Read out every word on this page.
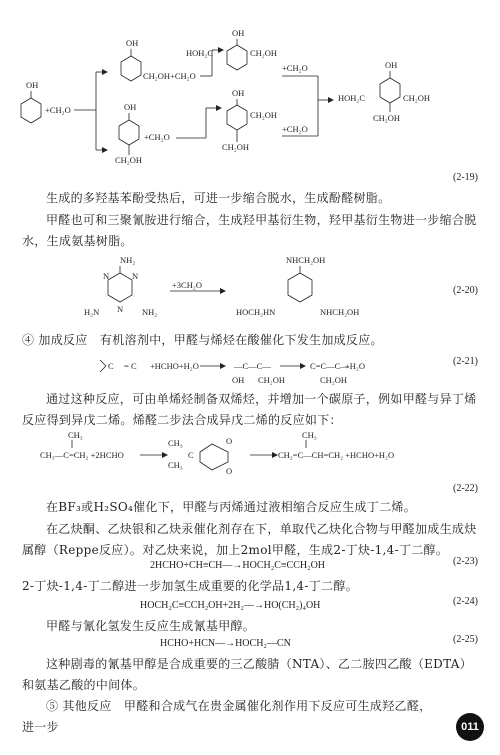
OH
+CH₂O
OH
CH₂OH+CH₂O
OH
HOH₂C	CH₂OH
+CH₂O
OH
+CH₂O
CH₂OH
OH
CH₂OH
CH₂OH
+CH₂O
OH
HOH₂C	CH₂OH
CH₂OH
(2-19)
生成的多羟基苯酚受热后，可进一步缩合脱水，生成酚醛树脂。
甲醛也可和三聚氰胺进行缩合，生成羟甲基衍生物，羟甲基衍生物进一步缩合脱水，生成氨基树脂。
NH₂
H₂N	NH₂
N
N
N
+3CH₂O
NHCH₂OH
HOCH₂HN	NHCH₂OH
(2-20)
④ 加成反应　有机溶剂中，甲醛与烯烃在酸催化下发生加成反应。
C = C +HCHO+H₂O	—C—C—
OH CH₂OH
C=C—C—
+H₂O
CH₂OH
(2-21)
通过这种反应，可由单烯烃制备双烯烃，并增加一个碳原子，例如甲醛与异丁烯反应得到异戊二烯。烯醛二步法合成异戊二烯的反应如下：
CH₃
CH₃—C=CH₂ +2HCHO
CH₃
CH₃
C
O
O
CH₃
CH₂=C—CH=CH₂ +HCHO+H₂O
(2-22)
在BF₃或H₂SO₄催化下，甲醛与丙烯通过液相缩合反应生成丁二烯。
在乙炔酮、乙炔银和乙炔汞催化剂存在下，单取代乙炔化合物与甲醛加成生成炔属醇（Reppe反应）。对乙炔来说，加上2mol甲醛，生成2-丁炔-1,4-丁二醇。
2HCHO+CH≡CH—→HOCH₂C≡CCH₂OH	(2-23)
2-丁炔-1,4-丁二醇进一步加氢生成重要的化学品1,4-丁二醇。
HOCH₂C≡CCH₂OH+2H₂—→HO(CH₂)₄OH	(2-24)
甲醛与氰化氢发生反应生成氰基甲醇。
HCHO+HCN—→HOCH₂—CN	(2-25)
这种剧毒的氰基甲醇是合成重要的三乙酸腈（NTA）、乙二胺四乙酸（EDTA）和氨基乙酸的中间体。
⑤ 其他反应　甲醛和合成气在贵金属催化剂作用下反应可生成羟乙醛，进一步	011
